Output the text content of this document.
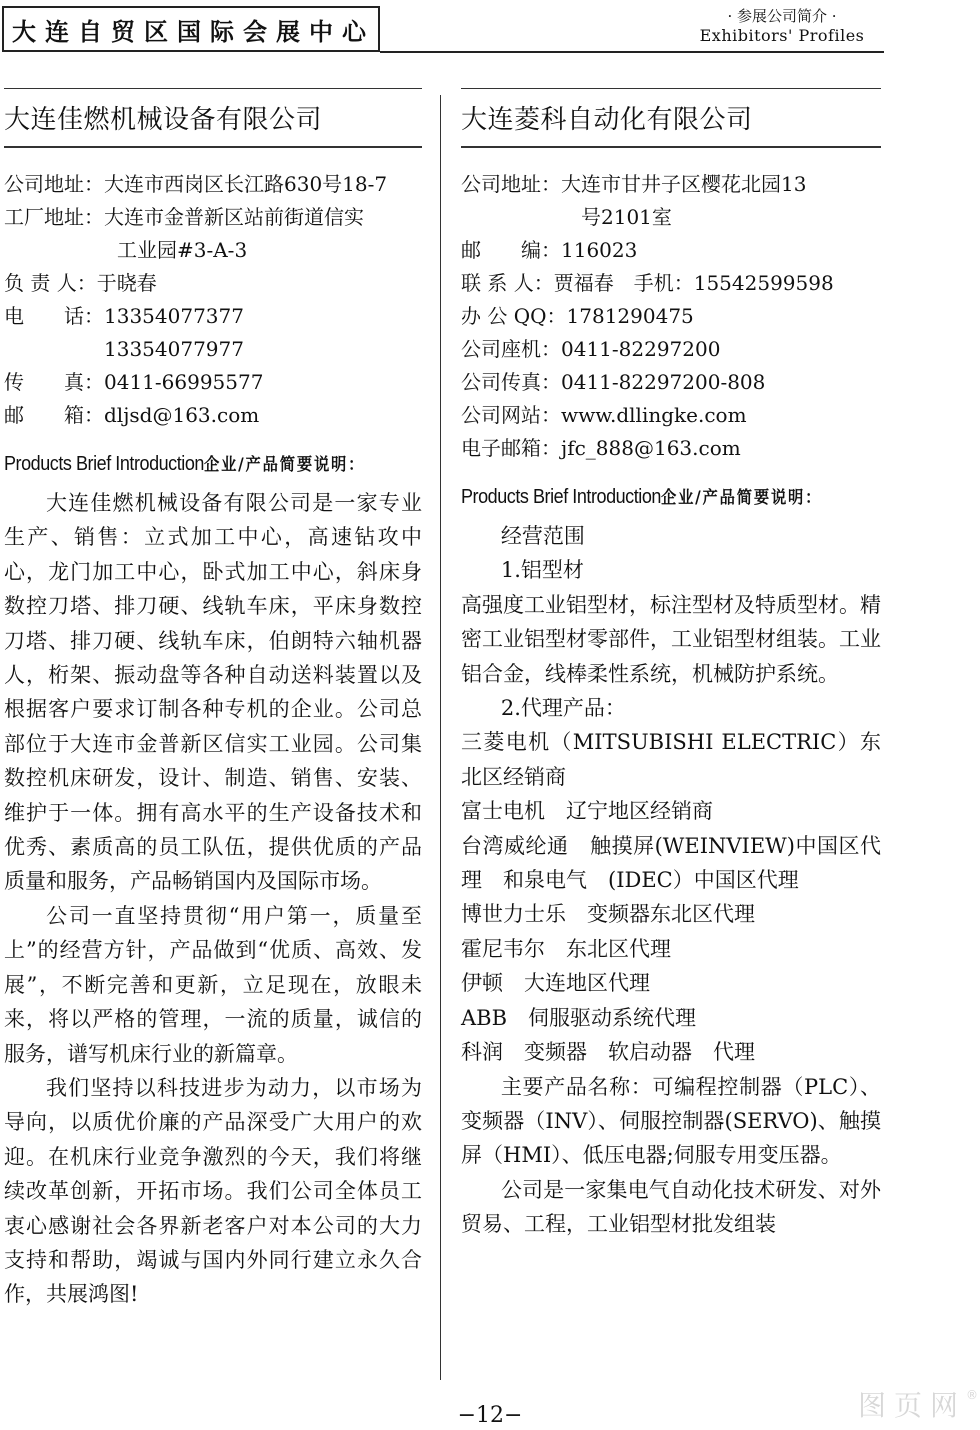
大连自贸区国际会展中心
· 参展公司简介 ·
Exhibitors' Profiles
大连佳燃机械设备有限公司
公司地址： 大连市西岗区长江路630号18-7
工厂地址： 大连市金普新区站前街道信实
工业园#3-A-3
负 责 人： 于晓春
电　　话： 13354077377　　13354077977
传　　真： 0411-66995577
邮　　箱： dljsd@163.com
Products Brief Introduction企业/产品简要说明：

大连佳燃机械设备有限公司是一家专业生产、销售：立式加工中心，高速钻攻中心，龙门加工中心，卧式加工中心，斜床身数控刀塔、排刀硬、线轨车床，平床身数控刀塔、排刀硬、线轨车床，伯朗特六轴机器人，桁架、振动盘等各种自动送料装置以及根据客户要求订制各种专机的企业。公司总部位于大连市金普新区信实工业园。公司集数控机床研发，设计、制造、销售、安装、维护于一体。拥有高水平的生产设备技术和优秀、素质高的员工队伍，提供优质的产品质量和服务，产品畅销国内及国际市场。

公司一直坚持贯彻“用户第一，质量至上”的经营方针，产品做到“优质、高效、发展”，不断完善和更新，立足现在，放眼未来，将以严格的管理，一流的质量，诚信的服务，谱写机床行业的新篇章。

我们坚持以科技进步为动力，以市场为导向，以质优价廉的产品深受广大用户的欢迎。在机床行业竞争激烈的今天，我们将继续改革创新，开拓市场。我们公司全体员工衷心感谢社会各界新老客户对本公司的大力支持和帮助，竭诚与国内外同行建立永久合作，共展鸿图!

大连菱科自动化有限公司
公司地址： 大连市甘井子区樱花北园13
号2101室
邮　　编： 116023
联 系 人： 贾福春　手机：15542599598
办 公 QQ： 1781290475
公司座机： 0411-82297200
公司传真： 0411-82297200-808
公司网站： www.dllingke.com
电子邮箱： jfc_888@163.com
Products Brief Introduction企业/产品简要说明：

经营范围

1.铝型材

高强度工业铝型材，标注型材及特质型材。精密工业铝型材零部件，工业铝型材组装。工业铝合金，线棒柔性系统，机械防护系统。

2.代理产品：

三菱电机（MITSUBISHI ELECTRIC）东北区经销商

富士电机　辽宁地区经销商

台湾威纶通　触摸屏(WEINVIEW)中国区代理　和泉电气　(IDEC）中国区代理

博世力士乐　变频器东北区代理

霍尼韦尔　东北区代理

伊顿　大连地区代理

ABB　伺服驱动系统代理

科润　变频器　软启动器　代理

主要产品名称：可编程控制器（PLC）、变频器（INV）、伺服控制器(SERVO)、触摸屏（HMI）、低压电器;伺服专用变压器。

公司是一家集电气自动化技术研发、对外贸易、工程，工业铝型材批发组装

−12−	图页网®
